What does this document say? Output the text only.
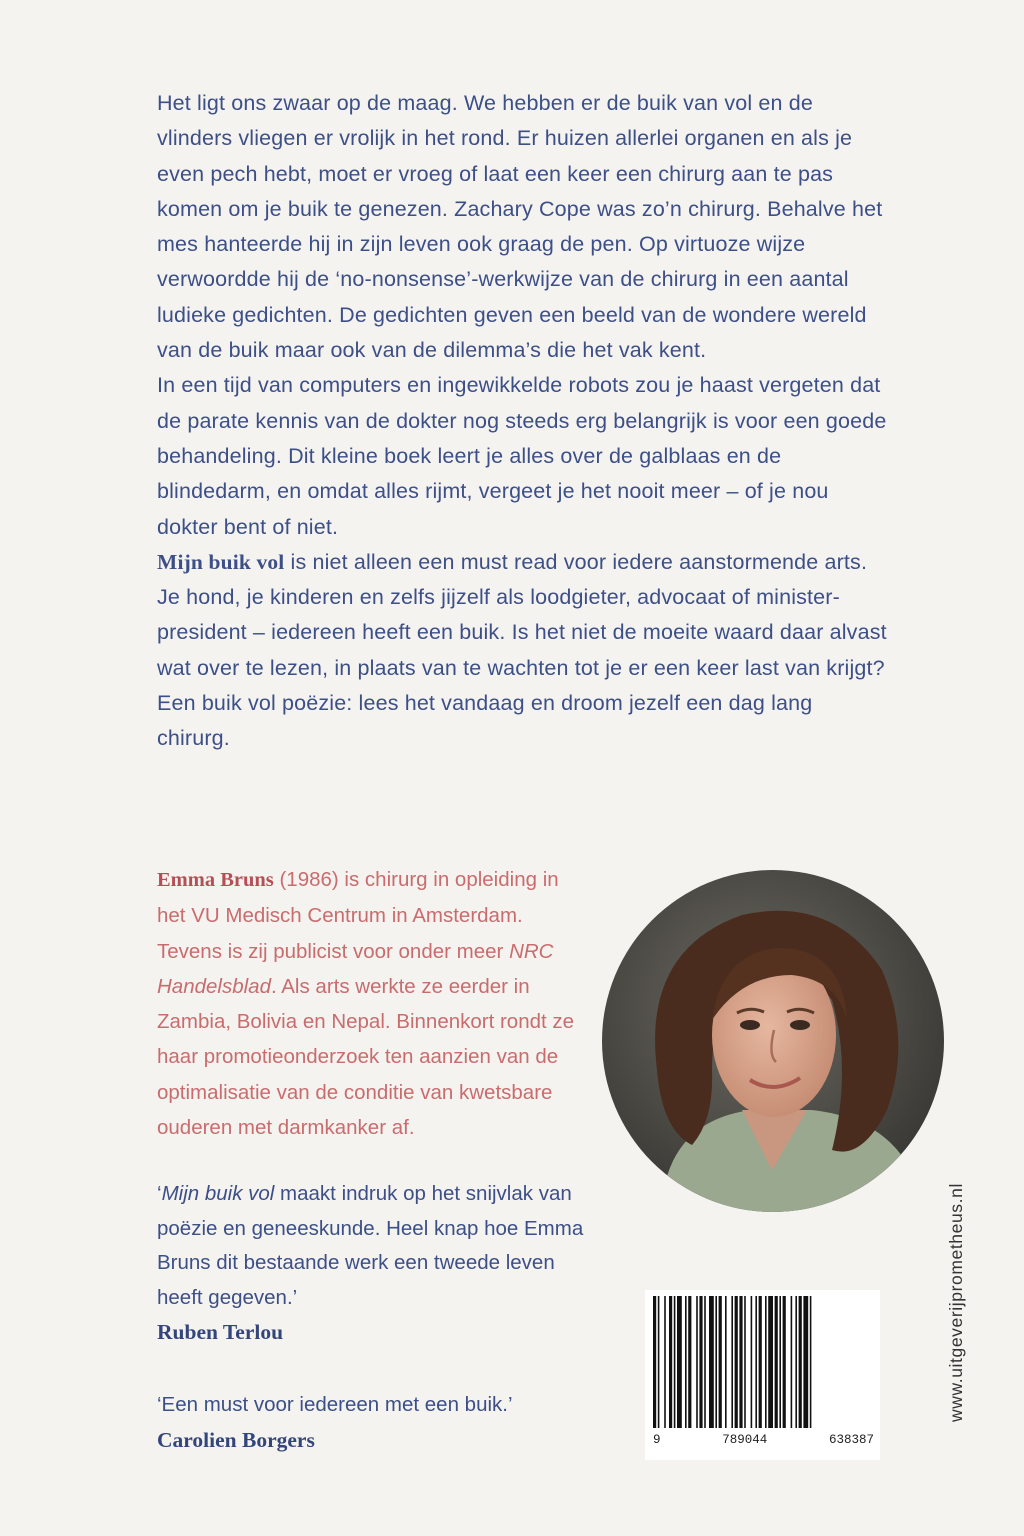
Het ligt ons zwaar op de maag. We hebben er de buik van vol en de vlinders vliegen er vrolijk in het rond. Er huizen allerlei organen en als je even pech hebt, moet er vroeg of laat een keer een chirurg aan te pas komen om je buik te genezen. Zachary Cope was zo’n chirurg. Behalve het mes hanteerde hij in zijn leven ook graag de pen. Op virtuoze wijze verwoordde hij de ‘no-nonsense’-werkwijze van de chirurg in een aantal ludieke gedichten. De gedichten geven een beeld van de wondere wereld van de buik maar ook van de dilemma’s die het vak kent.

In een tijd van computers en ingewikkelde robots zou je haast vergeten dat de parate kennis van de dokter nog steeds erg belangrijk is voor een goede behandeling. Dit kleine boek leert je alles over de galblaas en de blindedarm, en omdat alles rijmt, vergeet je het nooit meer – of je nou dokter bent of niet.

Mijn buik vol is niet alleen een must read voor iedere aanstormende arts. Je hond, je kinderen en zelfs jijzelf als loodgieter, advocaat of minister-president – iedereen heeft een buik. Is het niet de moeite waard daar alvast wat over te lezen, in plaats van te wachten tot je er een keer last van krijgt?

Een buik vol poëzie: lees het vandaag en droom jezelf een dag lang chirurg.

Emma Bruns (1986) is chirurg in opleiding in het VU Medisch Centrum in Amsterdam. Tevens is zij publicist voor onder meer NRC Handelsblad. Als arts werkte ze eerder in Zambia, Bolivia en Nepal. Binnenkort rondt ze haar promotieonderzoek ten aanzien van de optimalisatie van de conditie van kwetsbare ouderen met darmkanker af.

‘Mijn buik vol maakt indruk op het snijvlak van poëzie en geneeskunde. Heel knap hoe Emma Bruns dit bestaande werk een tweede leven heeft gegeven.’

Ruben Terlou

‘Een must voor iedereen met een buik.’

Carolien Borgers	9	789044	638387
www.uitgeverijprometheus.nl
